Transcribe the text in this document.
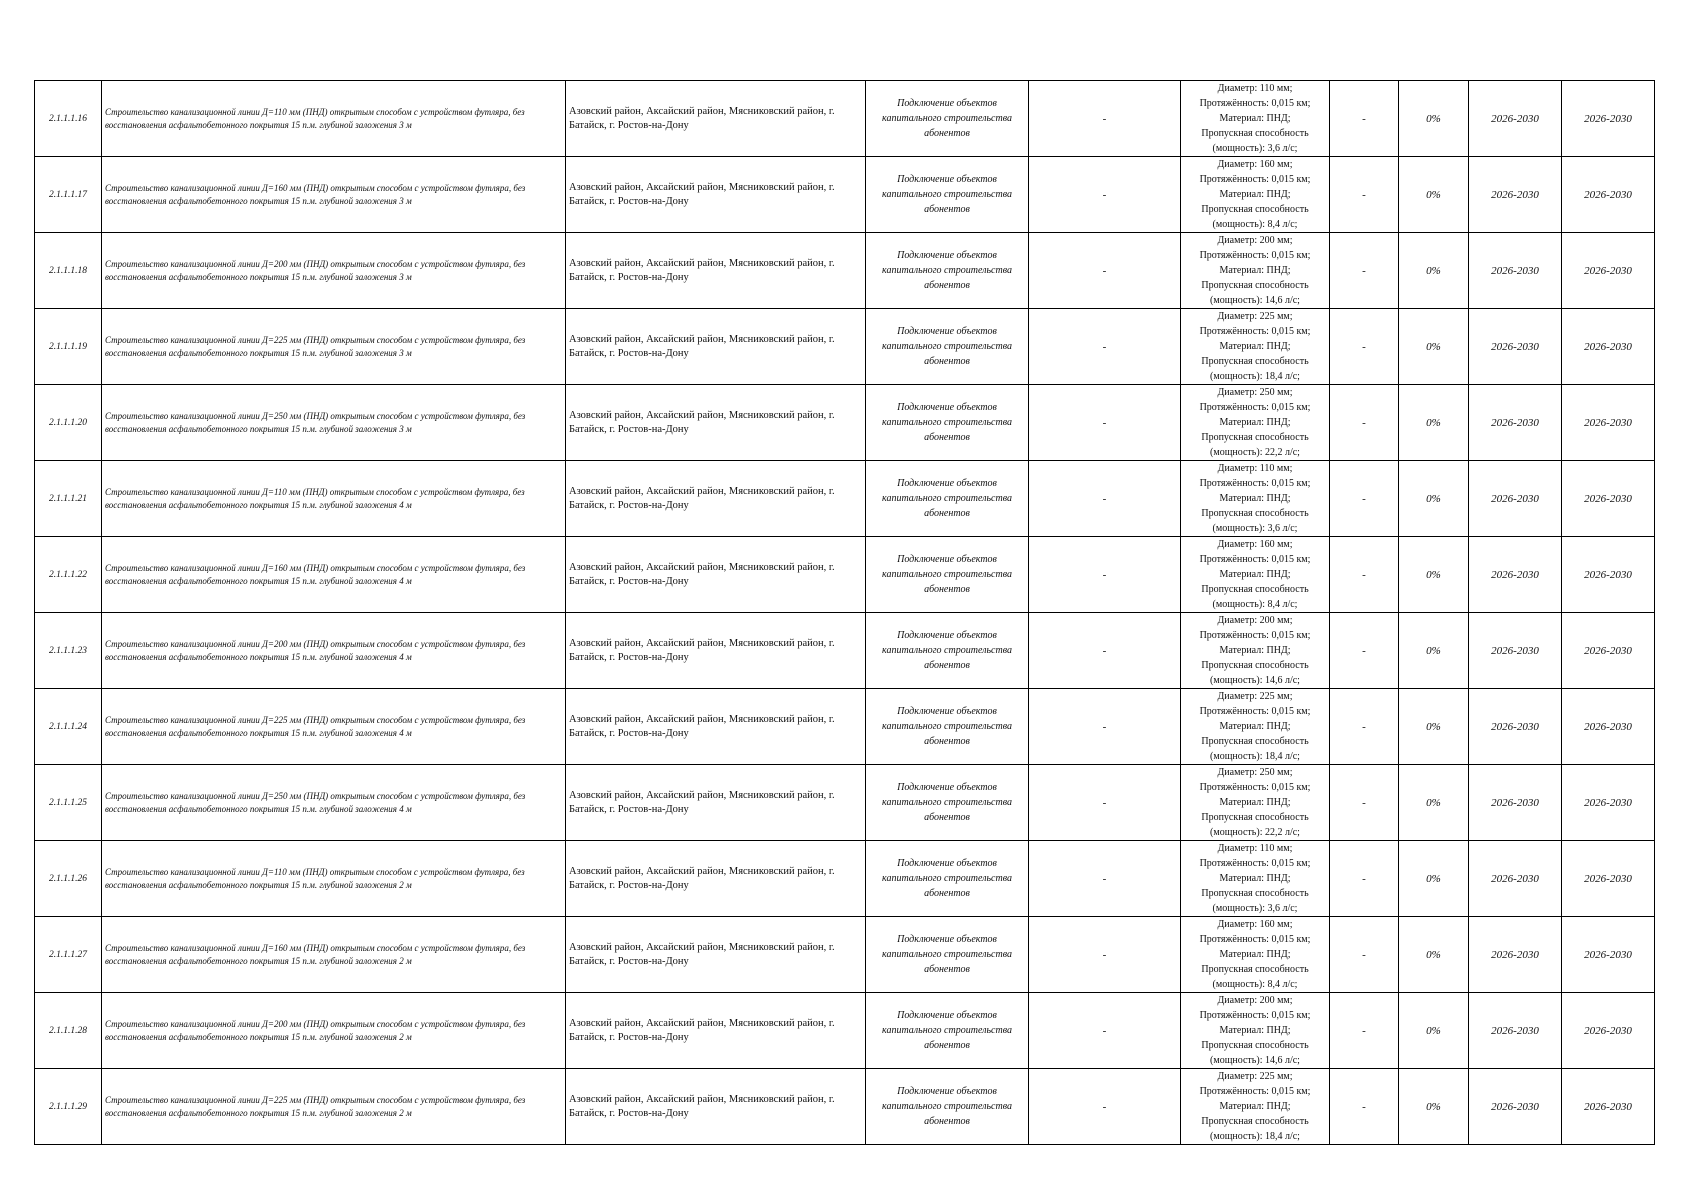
2.1.1.1.16	Строительство канализационной линии Д=110 мм (ПНД) открытым способом с устройством футляра, без восстановления асфальтобетонного покрытия 15 п.м. глубиной заложения 3 м	Азовский район, Аксайский район, Мясниковский район, г. Батайск, г. Ростов-на-Дону	Подключение объектов капитального строительства абонентов	-	Диаметр: 110 мм;
Протяжённость: 0,015 км;
Материал: ПНД;
Пропускная способность
(мощность): 3,6 л/с;	-	0%	2026-2030	2026-2030
2.1.1.1.17	Строительство канализационной линии Д=160 мм (ПНД) открытым способом с устройством футляра, без восстановления асфальтобетонного покрытия 15 п.м. глубиной заложения 3 м	Азовский район, Аксайский район, Мясниковский район, г. Батайск, г. Ростов-на-Дону	Подключение объектов капитального строительства абонентов	-	Диаметр: 160 мм;
Протяжённость: 0,015 км;
Материал: ПНД;
Пропускная способность
(мощность): 8,4 л/с;	-	0%	2026-2030	2026-2030
2.1.1.1.18	Строительство канализационной линии Д=200 мм (ПНД) открытым способом с устройством футляра, без восстановления асфальтобетонного покрытия 15 п.м. глубиной заложения 3 м	Азовский район, Аксайский район, Мясниковский район, г. Батайск, г. Ростов-на-Дону	Подключение объектов капитального строительства абонентов	-	Диаметр: 200 мм;
Протяжённость: 0,015 км;
Материал: ПНД;
Пропускная способность
(мощность): 14,6 л/с;	-	0%	2026-2030	2026-2030
2.1.1.1.19	Строительство канализационной линии Д=225 мм (ПНД) открытым способом с устройством футляра, без восстановления асфальтобетонного покрытия 15 п.м. глубиной заложения 3 м	Азовский район, Аксайский район, Мясниковский район, г. Батайск, г. Ростов-на-Дону	Подключение объектов капитального строительства абонентов	-	Диаметр: 225 мм;
Протяжённость: 0,015 км;
Материал: ПНД;
Пропускная способность
(мощность): 18,4 л/с;	-	0%	2026-2030	2026-2030
2.1.1.1.20	Строительство канализационной линии Д=250 мм (ПНД) открытым способом с устройством футляра, без восстановления асфальтобетонного покрытия 15 п.м. глубиной заложения 3 м	Азовский район, Аксайский район, Мясниковский район, г. Батайск, г. Ростов-на-Дону	Подключение объектов капитального строительства абонентов	-	Диаметр: 250 мм;
Протяжённость: 0,015 км;
Материал: ПНД;
Пропускная способность
(мощность): 22,2 л/с;	-	0%	2026-2030	2026-2030
2.1.1.1.21	Строительство канализационной линии Д=110 мм (ПНД) открытым способом с устройством футляра, без восстановления асфальтобетонного покрытия 15 п.м. глубиной заложения 4 м	Азовский район, Аксайский район, Мясниковский район, г. Батайск, г. Ростов-на-Дону	Подключение объектов капитального строительства абонентов	-	Диаметр: 110 мм;
Протяжённость: 0,015 км;
Материал: ПНД;
Пропускная способность
(мощность): 3,6 л/с;	-	0%	2026-2030	2026-2030
2.1.1.1.22	Строительство канализационной линии Д=160 мм (ПНД) открытым способом с устройством футляра, без восстановления асфальтобетонного покрытия 15 п.м. глубиной заложения 4 м	Азовский район, Аксайский район, Мясниковский район, г. Батайск, г. Ростов-на-Дону	Подключение объектов капитального строительства абонентов	-	Диаметр: 160 мм;
Протяжённость: 0,015 км;
Материал: ПНД;
Пропускная способность
(мощность): 8,4 л/с;	-	0%	2026-2030	2026-2030
2.1.1.1.23	Строительство канализационной линии Д=200 мм (ПНД) открытым способом с устройством футляра, без восстановления асфальтобетонного покрытия 15 п.м. глубиной заложения 4 м	Азовский район, Аксайский район, Мясниковский район, г. Батайск, г. Ростов-на-Дону	Подключение объектов капитального строительства абонентов	-	Диаметр: 200 мм;
Протяжённость: 0,015 км;
Материал: ПНД;
Пропускная способность
(мощность): 14,6 л/с;	-	0%	2026-2030	2026-2030
2.1.1.1.24	Строительство канализационной линии Д=225 мм (ПНД) открытым способом с устройством футляра, без восстановления асфальтобетонного покрытия 15 п.м. глубиной заложения 4 м	Азовский район, Аксайский район, Мясниковский район, г. Батайск, г. Ростов-на-Дону	Подключение объектов капитального строительства абонентов	-	Диаметр: 225 мм;
Протяжённость: 0,015 км;
Материал: ПНД;
Пропускная способность
(мощность): 18,4 л/с;	-	0%	2026-2030	2026-2030
2.1.1.1.25	Строительство канализационной линии Д=250 мм (ПНД) открытым способом с устройством футляра, без восстановления асфальтобетонного покрытия 15 п.м. глубиной заложения 4 м	Азовский район, Аксайский район, Мясниковский район, г. Батайск, г. Ростов-на-Дону	Подключение объектов капитального строительства абонентов	-	Диаметр: 250 мм;
Протяжённость: 0,015 км;
Материал: ПНД;
Пропускная способность
(мощность): 22,2 л/с;	-	0%	2026-2030	2026-2030
2.1.1.1.26	Строительство канализационной линии Д=110 мм (ПНД) открытым способом с устройством футляра, без восстановления асфальтобетонного покрытия 15 п.м. глубиной заложения 2 м	Азовский район, Аксайский район, Мясниковский район, г. Батайск, г. Ростов-на-Дону	Подключение объектов капитального строительства абонентов	-	Диаметр: 110 мм;
Протяжённость: 0,015 км;
Материал: ПНД;
Пропускная способность
(мощность): 3,6 л/с;	-	0%	2026-2030	2026-2030
2.1.1.1.27	Строительство канализационной линии Д=160 мм (ПНД) открытым способом с устройством футляра, без восстановления асфальтобетонного покрытия 15 п.м. глубиной заложения 2 м	Азовский район, Аксайский район, Мясниковский район, г. Батайск, г. Ростов-на-Дону	Подключение объектов капитального строительства абонентов	-	Диаметр: 160 мм;
Протяжённость: 0,015 км;
Материал: ПНД;
Пропускная способность
(мощность): 8,4 л/с;	-	0%	2026-2030	2026-2030
2.1.1.1.28	Строительство канализационной линии Д=200 мм (ПНД) открытым способом с устройством футляра, без восстановления асфальтобетонного покрытия 15 п.м. глубиной заложения 2 м	Азовский район, Аксайский район, Мясниковский район, г. Батайск, г. Ростов-на-Дону	Подключение объектов капитального строительства абонентов	-	Диаметр: 200 мм;
Протяжённость: 0,015 км;
Материал: ПНД;
Пропускная способность
(мощность): 14,6 л/с;	-	0%	2026-2030	2026-2030
2.1.1.1.29	Строительство канализационной линии Д=225 мм (ПНД) открытым способом с устройством футляра, без восстановления асфальтобетонного покрытия 15 п.м. глубиной заложения 2 м	Азовский район, Аксайский район, Мясниковский район, г. Батайск, г. Ростов-на-Дону	Подключение объектов капитального строительства абонентов	-	Диаметр: 225 мм;
Протяжённость: 0,015 км;
Материал: ПНД;
Пропускная способность
(мощность): 18,4 л/с;	-	0%	2026-2030	2026-2030
